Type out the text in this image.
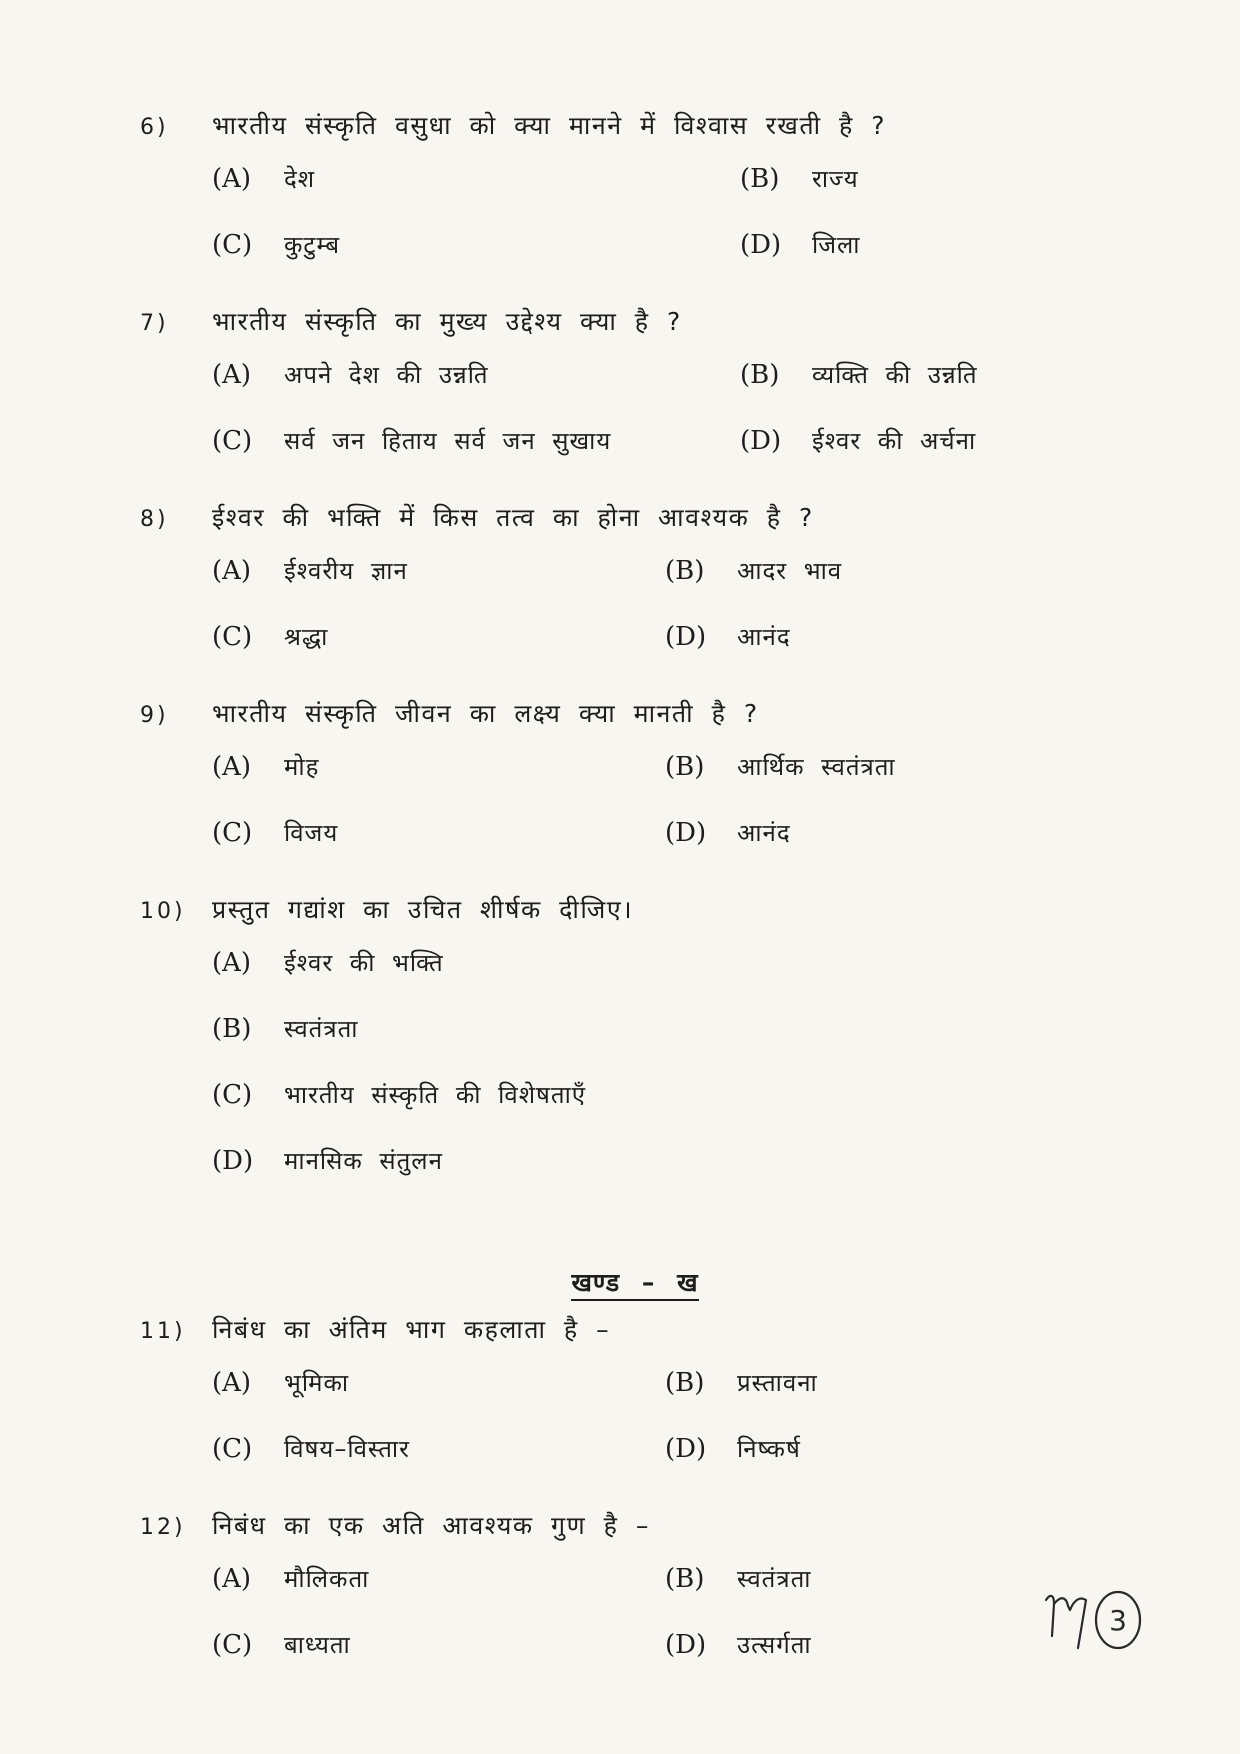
6)	भारतीय संस्कृति वसुधा को क्या मानने में विश्वास रखती है ?
(A)	देश	(B)	राज्य
(C)	कुटुम्ब	(D)	जिला
7)	भारतीय संस्कृति का मुख्य उद्देश्य क्या है ?
(A)	अपने देश की उन्नति	(B)	व्यक्ति की उन्नति
(C)	सर्व जन हिताय सर्व जन सुखाय	(D)	ईश्वर की अर्चना
8)	ईश्वर की भक्ति में किस तत्व का होना आवश्यक है ?
(A)	ईश्वरीय ज्ञान	(B)	आदर भाव
(C)	श्रद्धा	(D)	आनंद
9)	भारतीय संस्कृति जीवन का लक्ष्य क्या मानती है ?
(A)	मोह	(B)	आर्थिक स्वतंत्रता
(C)	विजय	(D)	आनंद
10)	प्रस्तुत गद्यांश का उचित शीर्षक दीजिए।
(A)	ईश्वर की भक्ति
(B)	स्वतंत्रता
(C)	भारतीय संस्कृति की विशेषताएँ
(D)	मानसिक संतुलन
खण्ड – ख
11)	निबंध का अंतिम भाग कहलाता है –
(A)	भूमिका	(B)	प्रस्तावना
(C)	विषय–विस्तार	(D)	निष्कर्ष
12)	निबंध का एक अति आवश्यक गुण है –
(A)	मौलिकता	(B)	स्वतंत्रता
(C)	बाध्यता	(D)	उत्सर्गता
3
